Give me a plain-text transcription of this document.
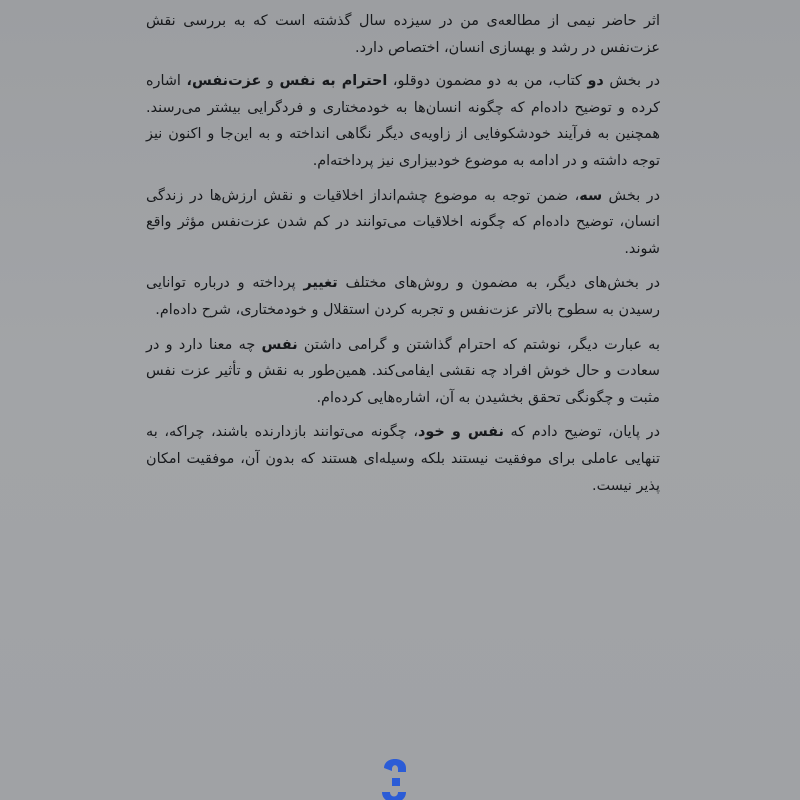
اثر حاضر نیمی از مطالعه‌ی من در سیزده سال گذشته است که به بررسی نقش عزت‌نفس در رشد و بهسازی انسان، اختصاص دارد.

در بخش دو کتاب، من به دو مضمون دوقلو، احترام به نفس و عزت‌نفس، اشاره کرده و توضیح داده‌ام که چگونه انسان‌ها به خودمختاری و فردگرایی بیشتر می‌رسند. همچنین به فرآیند خودشکوفایی از زاویه‌ی دیگر نگاهی انداخته و به این‌جا و اکنون نیز توجه داشته و در ادامه به موضوع خودبیزاری نیز پرداخته‌ام.

در بخش سه، ضمن توجه به موضوع چشم‌انداز اخلاقیات و نقش ارزش‌ها در زندگی انسان، توضیح داده‌ام که چگونه اخلاقیات می‌توانند در کم شدن عزت‌نفس مؤثر واقع شوند.

در بخش‌های دیگر، به مضمون و روش‌های مختلف تغییر پرداخته و درباره توانایی رسیدن به سطوح بالاتر عزت‌نفس و تجربه کردن استقلال و خودمختاری، شرح داده‌ام.

به عبارت دیگر، نوشتم که احترام گذاشتن و گرامی داشتن نفس چه معنا دارد و در سعادت و حال خوش افراد چه نقشی ایفامی‌کند. همین‌طور به نقش و تأثیر عزت نفس مثبت و چگونگی تحقق بخشیدن به آن، اشاره‌هایی کرده‌ام.

در پایان، توضیح دادم که نفس و خود، چگونه می‌توانند بازدارنده باشند، چراکه، به تنهایی عاملی برای موفقیت نیستند بلکه وسیله‌ای هستند که بدون آن، موفقیت امکان پذیر نیست.
